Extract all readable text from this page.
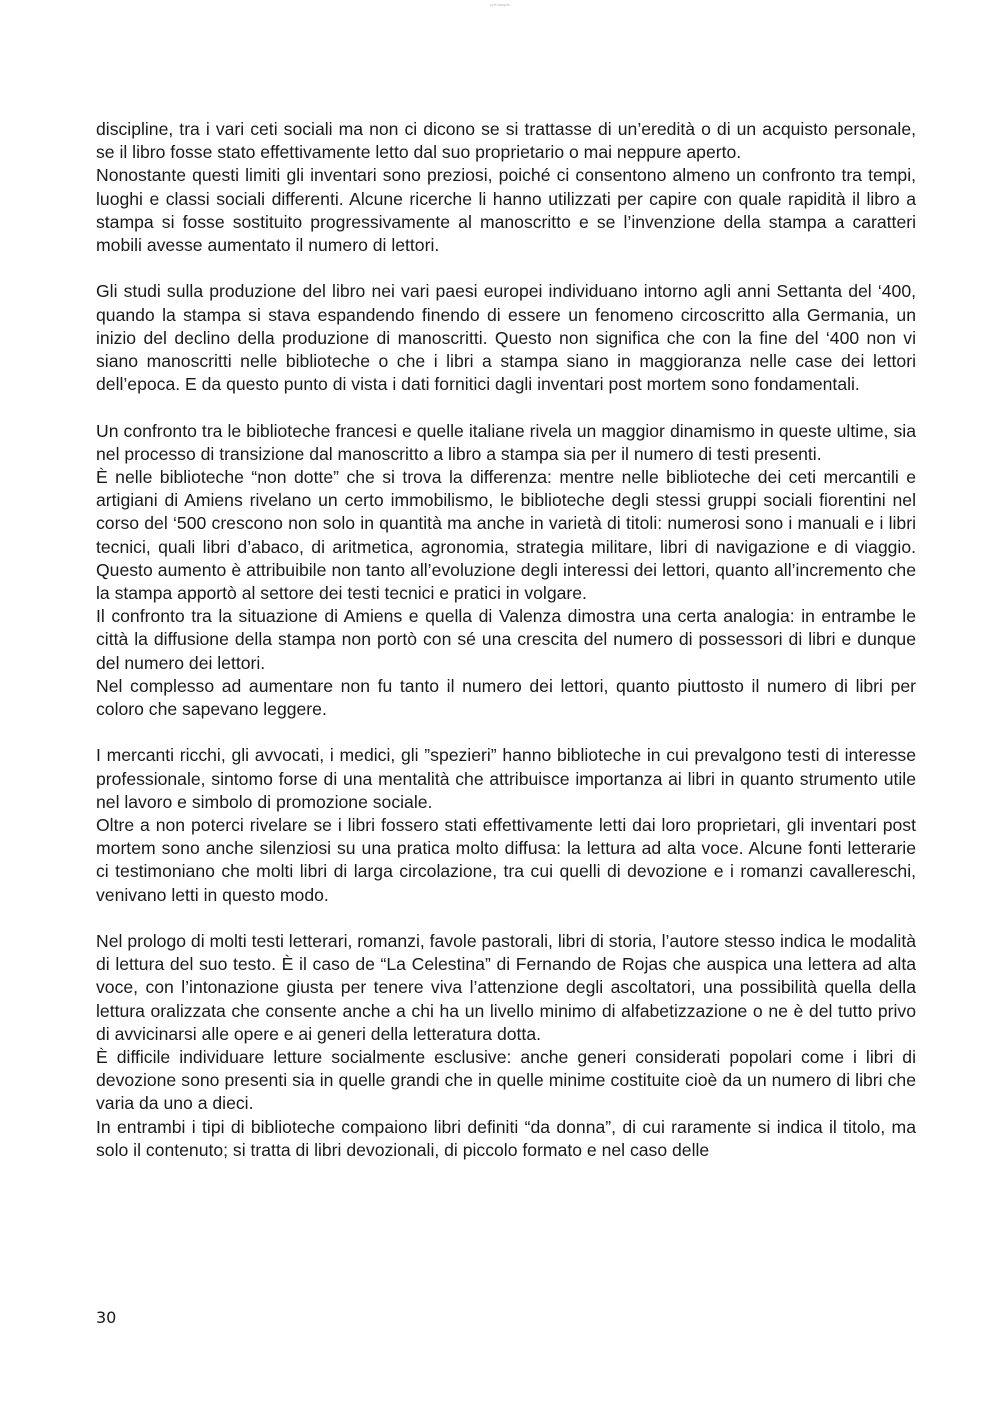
pdf sample

discipline, tra i vari ceti sociali ma non ci dicono se si trattasse di un’eredità o di un acquisto personale, se il libro fosse stato effettivamente letto dal suo proprietario o mai neppure aperto.

Nonostante questi limiti gli inventari sono preziosi, poiché ci consentono almeno un confronto tra tempi, luoghi e classi sociali differenti. Alcune ricerche li hanno utilizzati per capire con quale rapidità il libro a stampa si fosse sostituito progressivamente al manoscritto e se l’invenzione della stampa a caratteri mobili avesse aumentato il numero di lettori.

Gli studi sulla produzione del libro nei vari paesi europei individuano intorno agli anni Settanta del ‘400, quando la stampa si stava espandendo finendo di essere un fenomeno circoscritto alla Germania, un inizio del declino della produzione di manoscritti. Questo non significa che con la fine del ‘400 non vi siano manoscritti nelle biblioteche o che i libri a stampa siano in maggioranza nelle case dei lettori dell’epoca. E da questo punto di vista i dati fornitici dagli inventari post mortem sono fondamentali.

Un confronto tra le biblioteche francesi e quelle italiane rivela un maggior dinamismo in queste ultime, sia nel processo di transizione dal manoscritto a libro a stampa sia per il numero di testi presenti.

È nelle biblioteche “non dotte” che si trova la differenza: mentre nelle biblioteche dei ceti mercantili e artigiani di Amiens rivelano un certo immobilismo, le biblioteche degli stessi gruppi sociali fiorentini nel corso del ‘500 crescono non solo in quantità ma anche in varietà di titoli: numerosi sono i manuali e i libri tecnici, quali libri d’abaco, di aritmetica, agronomia, strategia militare, libri di navigazione e di viaggio. Questo aumento è attribuibile non tanto all’evoluzione degli interessi dei lettori, quanto all’incremento che la stampa apportò al settore dei testi tecnici e pratici in volgare.

Il confronto tra la situazione di Amiens e quella di Valenza dimostra una certa analogia: in entrambe le città la diffusione della stampa non portò con sé una crescita del numero di possessori di libri e dunque del numero dei lettori.

Nel complesso ad aumentare non fu tanto il numero dei lettori, quanto piuttosto il numero di libri per coloro che sapevano leggere.

I mercanti ricchi, gli avvocati, i medici, gli ”spezieri” hanno biblioteche in cui prevalgono testi di interesse professionale, sintomo forse di una mentalità che attribuisce importanza ai libri in quanto strumento utile nel lavoro e simbolo di promozione sociale.

Oltre a non poterci rivelare se i libri fossero stati effettivamente letti dai loro proprietari, gli inventari post mortem sono anche silenziosi su una pratica molto diffusa: la lettura ad alta voce. Alcune fonti letterarie ci testimoniano che molti libri di larga circolazione, tra cui quelli di devozione e i romanzi cavallereschi, venivano letti in questo modo.

Nel prologo di molti testi letterari, romanzi, favole pastorali, libri di storia, l’autore stesso indica le modalità di lettura del suo testo. È il caso de “La Celestina” di Fernando de Rojas che auspica una lettera ad alta voce, con l’intonazione giusta per tenere viva l’attenzione degli ascoltatori, una possibilità quella della lettura oralizzata che consente anche a chi ha un livello minimo di alfabetizzazione o ne è del tutto privo di avvicinarsi alle opere e ai generi della letteratura dotta.

È difficile individuare letture socialmente esclusive: anche generi considerati popolari come i libri di devozione sono presenti sia in quelle grandi che in quelle minime costituite cioè da un numero di libri che varia da uno a dieci.

In entrambi i tipi di biblioteche compaiono libri definiti “da donna”, di cui raramente si indica il titolo, ma solo il contenuto; si tratta di libri devozionali, di piccolo formato e nel caso delle

30
